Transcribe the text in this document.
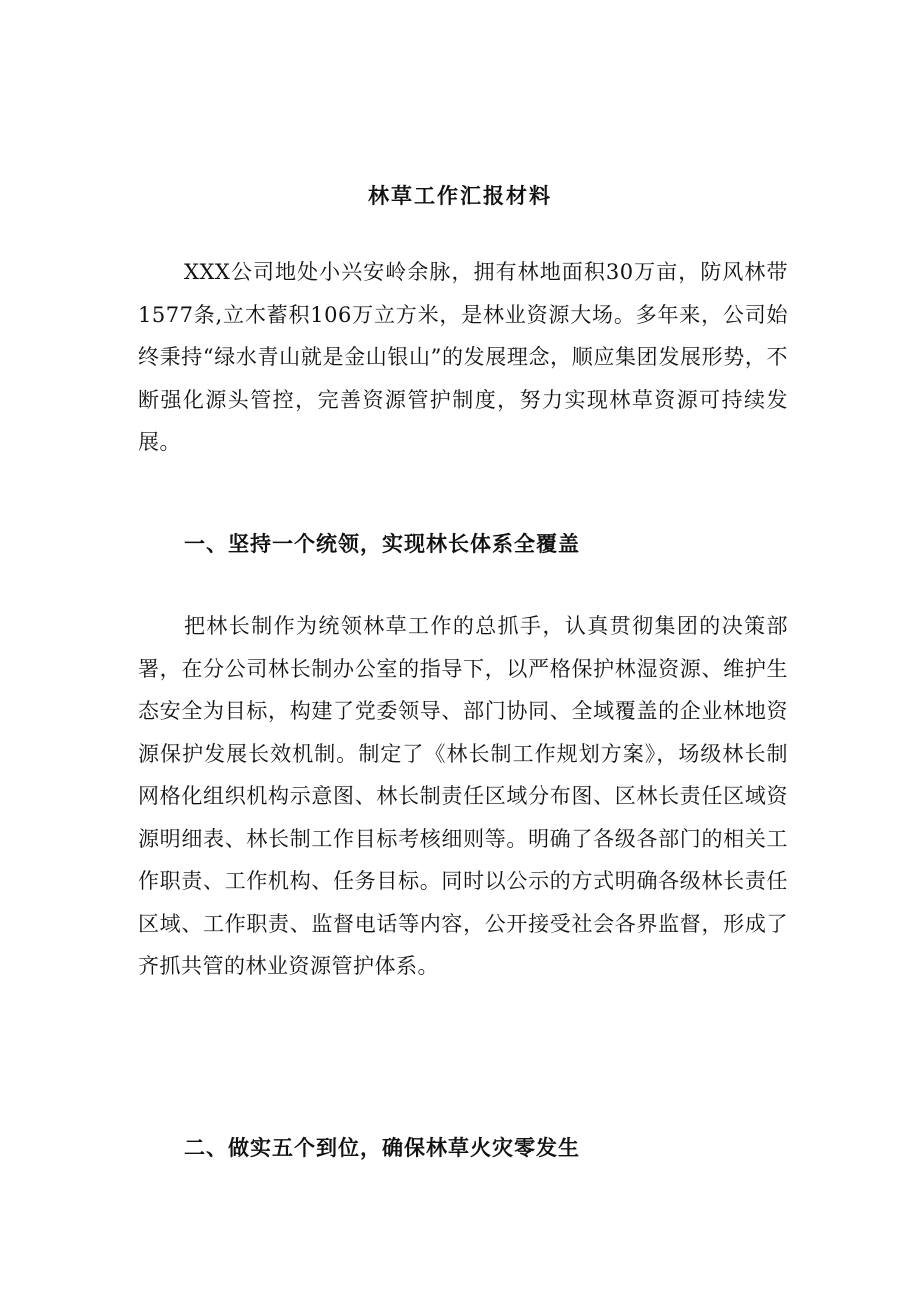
林草工作汇报材料
XXX公司地处小兴安岭余脉，拥有林地面积30万亩，防风林带1577条,立木蓄积106万立方米，是林业资源大场。多年来，公司始终秉持“绿水青山就是金山银山”的发展理念，顺应集团发展形势，不断强化源头管控，完善资源管护制度，努力实现林草资源可持续发展。
一、坚持一个统领，实现林长体系全覆盖
把林长制作为统领林草工作的总抓手，认真贯彻集团的决策部署，在分公司林长制办公室的指导下，以严格保护林湿资源、维护生态安全为目标，构建了党委领导、部门协同、全域覆盖的企业林地资源保护发展长效机制。制定了《林长制工作规划方案》，场级林长制网格化组织机构示意图、林长制责任区域分布图、区林长责任区域资源明细表、林长制工作目标考核细则等。明确了各级各部门的相关工作职责、工作机构、任务目标。同时以公示的方式明确各级林长责任区域、工作职责、监督电话等内容，公开接受社会各界监督，形成了齐抓共管的林业资源管护体系。
二、做实五个到位，确保林草火灾零发生
